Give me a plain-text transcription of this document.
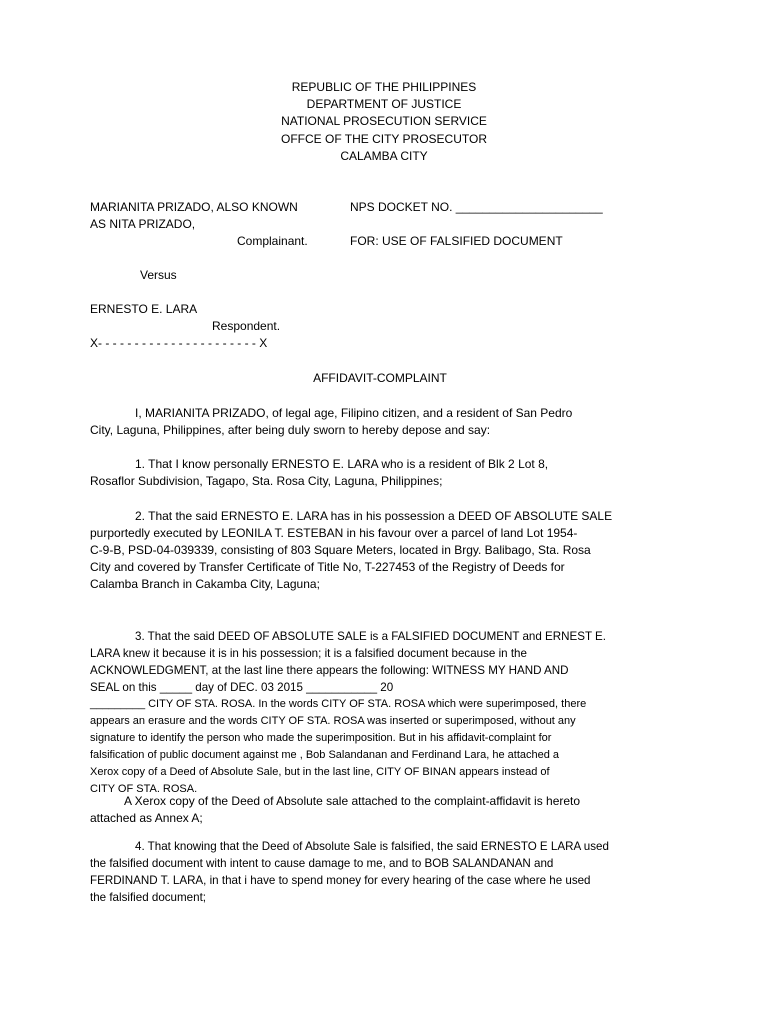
REPUBLIC OF THE PHILIPPINES
DEPARTMENT OF JUSTICE
NATIONAL PROSECUTION SERVICE
OFFCE OF THE CITY PROSECUTOR
CALAMBA CITY
MARIANITA PRIZADO, ALSO KNOWN
AS NITA PRIZADO,
Complainant.
NPS DOCKET NO. ______________________
FOR: USE OF FALSIFIED DOCUMENT
Versus
ERNESTO E. LARA
Respondent.
X- - - - - - - - - - - - - - - - - - - - - - X
AFFIDAVIT-COMPLAINT
I, MARIANITA PRIZADO, of legal age, Filipino citizen, and a resident of San Pedro
City, Laguna, Philippines, after being duly sworn to hereby depose and say:
1. That I know personally ERNESTO E. LARA who is a resident of Blk 2 Lot 8,
Rosaflor Subdivision, Tagapo, Sta. Rosa City, Laguna, Philippines;
2. That the said ERNESTO E. LARA has in his possession a DEED OF ABSOLUTE SALE
purportedly executed by LEONILA T. ESTEBAN in his favour over a parcel of land Lot 1954-
C-9-B, PSD-04-039339, consisting of 803 Square Meters, located in Brgy. Balibago, Sta. Rosa
City and covered by Transfer Certificate of Title No, T-227453 of the Registry of Deeds for
Calamba Branch in Cakamba City, Laguna;
3. That the said DEED OF ABSOLUTE SALE is a FALSIFIED DOCUMENT and ERNEST E.
LARA knew it because it is in his possession; it is a falsified document because in the
ACKNOWLEDGMENT, at the last line there appears the following: WITNESS MY HAND AND
SEAL on this _____ day of DEC. 03 2015 ___________ 20
_________ CITY OF STA. ROSA. In the words CITY OF STA. ROSA which were superimposed, there
appears an erasure and the words CITY OF STA. ROSA was inserted or superimposed, without any
signature to identify the person who made the superimposition. But in his affidavit-complaint for
falsification of public document against me , Bob Salandanan and Ferdinand Lara, he attached a
Xerox copy of a Deed of Absolute Sale, but in the last line, CITY OF BINAN appears instead of
CITY OF STA. ROSA.
A Xerox copy of the Deed of Absolute sale attached to the complaint-affidavit is hereto
attached as Annex A;
4. That knowing that the Deed of Absolute Sale is falsified, the said ERNESTO E LARA used
the falsified document with intent to cause damage to me, and to BOB SALANDANAN and
FERDINAND T. LARA, in that i have to spend money for every hearing of the case where he used
the falsified document;
